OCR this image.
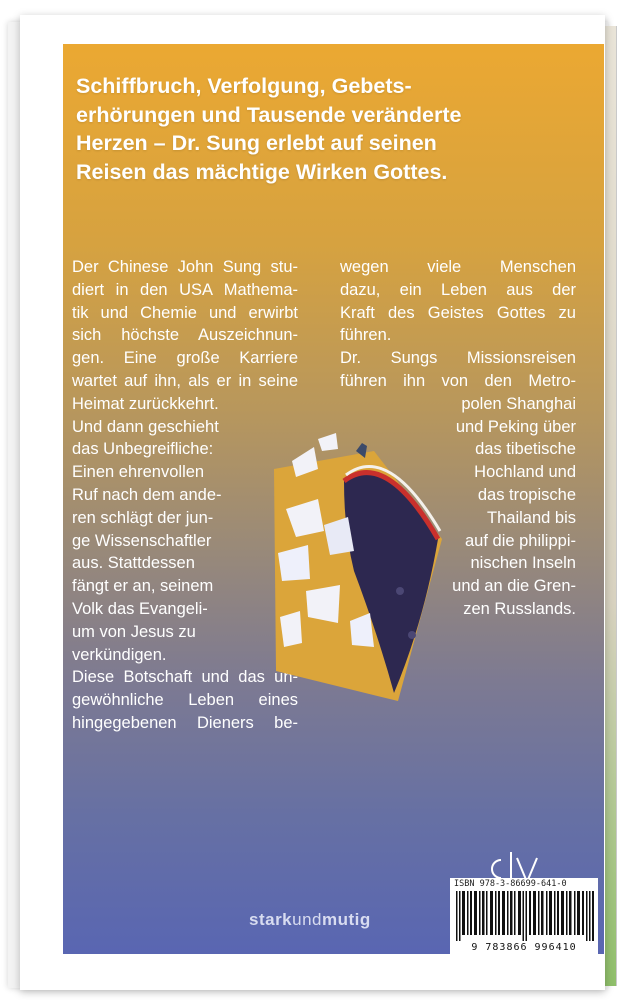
Schiffbruch, Verfolgung, Gebets-
erhörungen und Tausende veränderte
Herzen – Dr. Sung erlebt auf seinen
Reisen das mächtige Wirken Gottes.
Der Chinese John Sung stu-
diert in den USA Mathema-
tik und Chemie und erwirbt
sich höchste Auszeichnun-
gen. Eine große Karriere
wartet auf ihn, als er in seine
Heimat zurückkehrt.
Und dann geschieht
das Unbegreifliche:
Einen ehrenvollen
Ruf nach dem ande-
ren schlägt der jun-
ge Wissenschaftler
aus. Stattdessen
fängt er an, seinem
Volk das Evangeli-
um von Jesus zu
verkündigen.
Diese Botschaft und das un-
gewöhnliche Leben eines
hingegebenen Dieners be-
wegen viele Menschen
dazu, ein Leben aus der
Kraft des Geistes Gottes zu
führen.
Dr. Sungs Missionsreisen
führen ihn von den Metro-
polen Shanghai
und Peking über
das tibetische
Hochland und
das tropische
Thailand bis
auf die philippi-
nischen Inseln
und an die Gren-
zen Russlands.
ISBN 978-3-86699-641-0
9 783866 996410
starkundmutig
